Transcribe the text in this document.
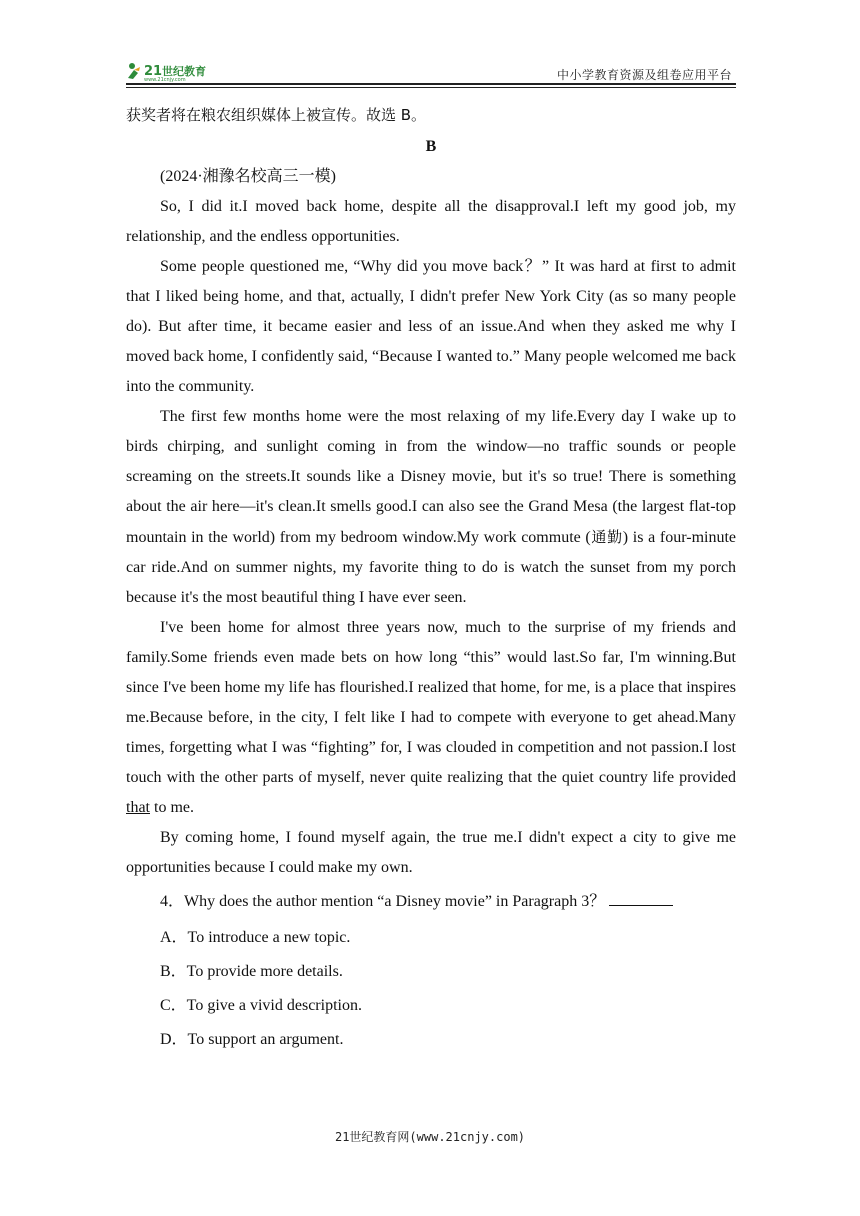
21 世纪教育
www.21cnjy.com	中小学教育资源及组卷应用平台

获奖者将在粮农组织媒体上被宣传。故选 B。

B

(2024·湘豫名校高三一模)

So, I did it.I moved back home, despite all the disapproval.I left my good job, my relationship, and the endless opportunities.

Some people questioned me, “Why did you move back？” It was hard at first to admit that I liked being home, and that, actually, I didn't prefer New York City (as so many people do). But after time, it became easier and less of an issue.And when they asked me why I moved back home, I confidently said, “Because I wanted to.” Many people welcomed me back into the community.

The first few months home were the most relaxing of my life.Every day I wake up to birds chirping, and sunlight coming in from the window—no traffic sounds or people screaming on the streets.It sounds like a Disney movie, but it's so true! There is something about the air here—it's clean.It smells good.I can also see the Grand Mesa (the largest flat-top mountain in the world) from my bedroom window.My work commute (通勤) is a four-minute car ride.And on summer nights, my favorite thing to do is watch the sunset from my porch because it's the most beautiful thing I have ever seen.

I've been home for almost three years now, much to the surprise of my friends and family.Some friends even made bets on how long “this” would last.So far, I'm winning.But since I've been home my life has flourished.I realized that home, for me, is a place that inspires me.Because before, in the city, I felt like I had to compete with everyone to get ahead.Many times, forgetting what I was “fighting” for, I was clouded in competition and not passion.I lost touch with the other parts of myself, never quite realizing that the quiet country life provided that to me.

By coming home, I found myself again, the true me.I didn't expect a city to give me opportunities because I could make my own.

4．Why does the author mention “a Disney movie” in Paragraph 3？

A．To introduce a new topic.
B．To provide more details.
C．To give a vivid description.
D．To support an argument.
21世纪教育网(www.21cnjy.com)
